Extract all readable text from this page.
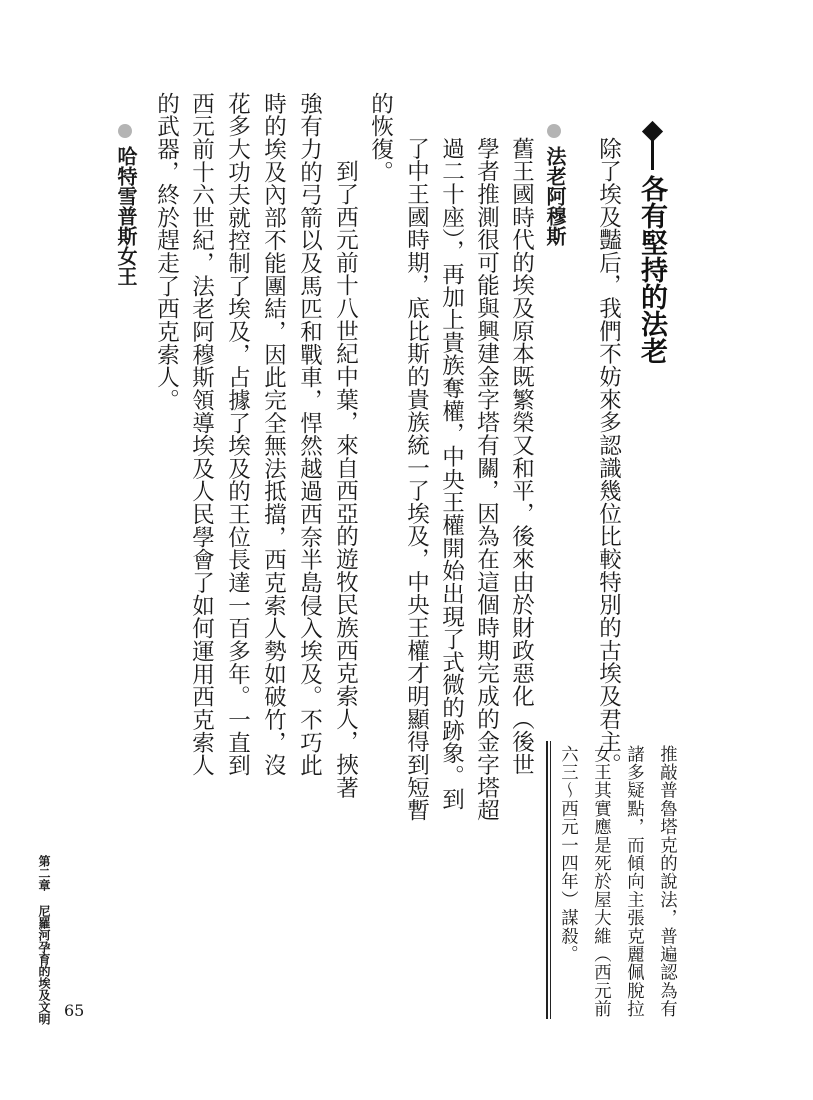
各有堅持的法老
除了埃及豔后，我們不妨來多認識幾位比較特別的古埃及君主。
法老阿穆斯
舊王國時代的埃及原本既繁榮又和平，後來由於財政惡化（後世
學者推測很可能與興建金字塔有關，因為在這個時期完成的金字塔超
過二十座），再加上貴族奪權，中央王權開始出現了式微的跡象。到
了中王國時期，底比斯的貴族統一了埃及，中央王權才明顯得到短暫
的恢復。
　到了西元前十八世紀中葉，來自西亞的遊牧民族西克索人，挾著
強有力的弓箭以及馬匹和戰車，悍然越過西奈半島侵入埃及。不巧此
時的埃及內部不能團結，因此完全無法抵擋，西克索人勢如破竹，沒
花多大功夫就控制了埃及，占據了埃及的王位長達一百多年。一直到
西元前十六世紀，法老阿穆斯領導埃及人民學會了如何運用西克索人
的武器，終於趕走了西克索人。
哈特雪普斯女王
推敲普魯塔克的說法，普遍認為有
諸多疑點，而傾向主張克麗佩脫拉
女王其實應是死於屋大維（西元前
六三～西元一四年）謀殺。
第二章尼羅河孕育的埃及文明 65
